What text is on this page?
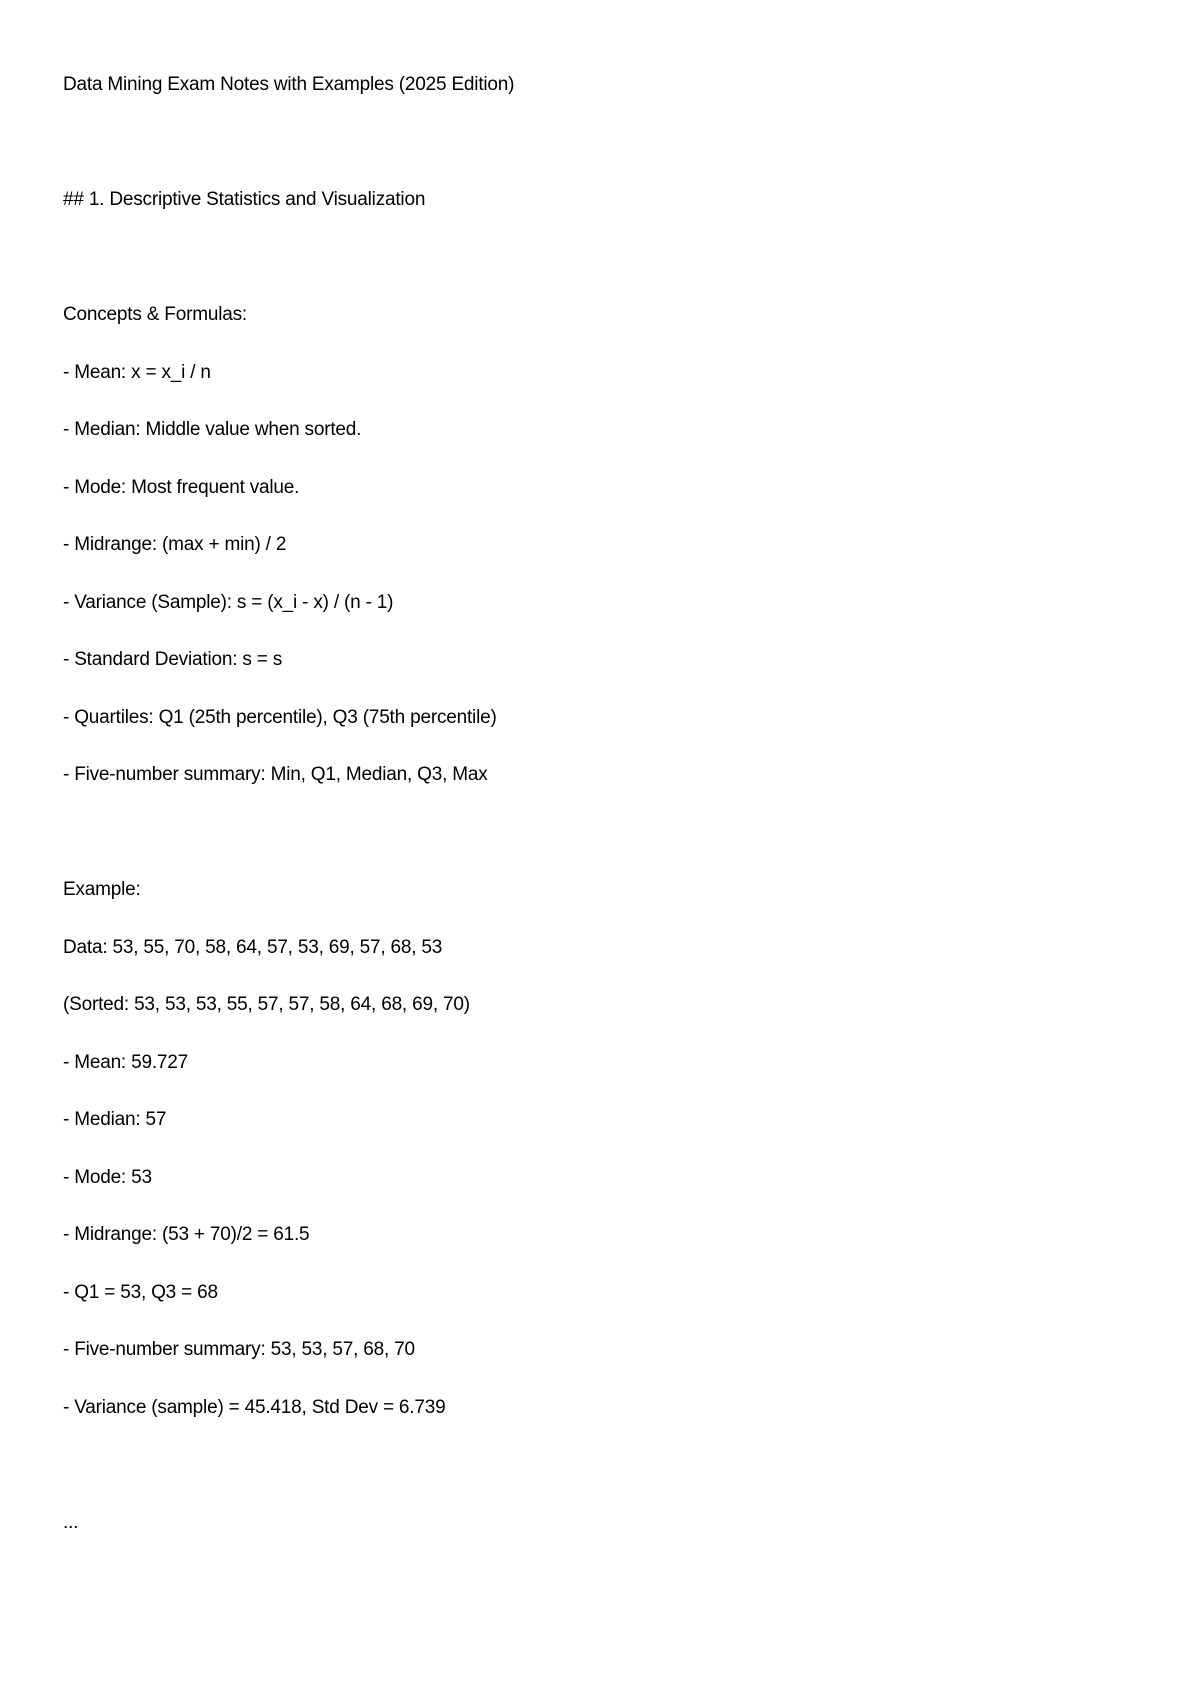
Data Mining Exam Notes with Examples (2025 Edition)
## 1. Descriptive Statistics and Visualization
Concepts & Formulas:
- Mean: x = x_i / n
- Median: Middle value when sorted.
- Mode: Most frequent value.
- Midrange: (max + min) / 2
- Variance (Sample): s = (x_i - x) / (n - 1)
- Standard Deviation: s = s
- Quartiles: Q1 (25th percentile), Q3 (75th percentile)
- Five-number summary: Min, Q1, Median, Q3, Max
Example:
Data: 53, 55, 70, 58, 64, 57, 53, 69, 57, 68, 53
(Sorted: 53, 53, 53, 55, 57, 57, 58, 64, 68, 69, 70)
- Mean: 59.727
- Median: 57
- Mode: 53
- Midrange: (53 + 70)/2 = 61.5
- Q1 = 53, Q3 = 68
- Five-number summary: 53, 53, 57, 68, 70
- Variance (sample) = 45.418, Std Dev = 6.739
...
